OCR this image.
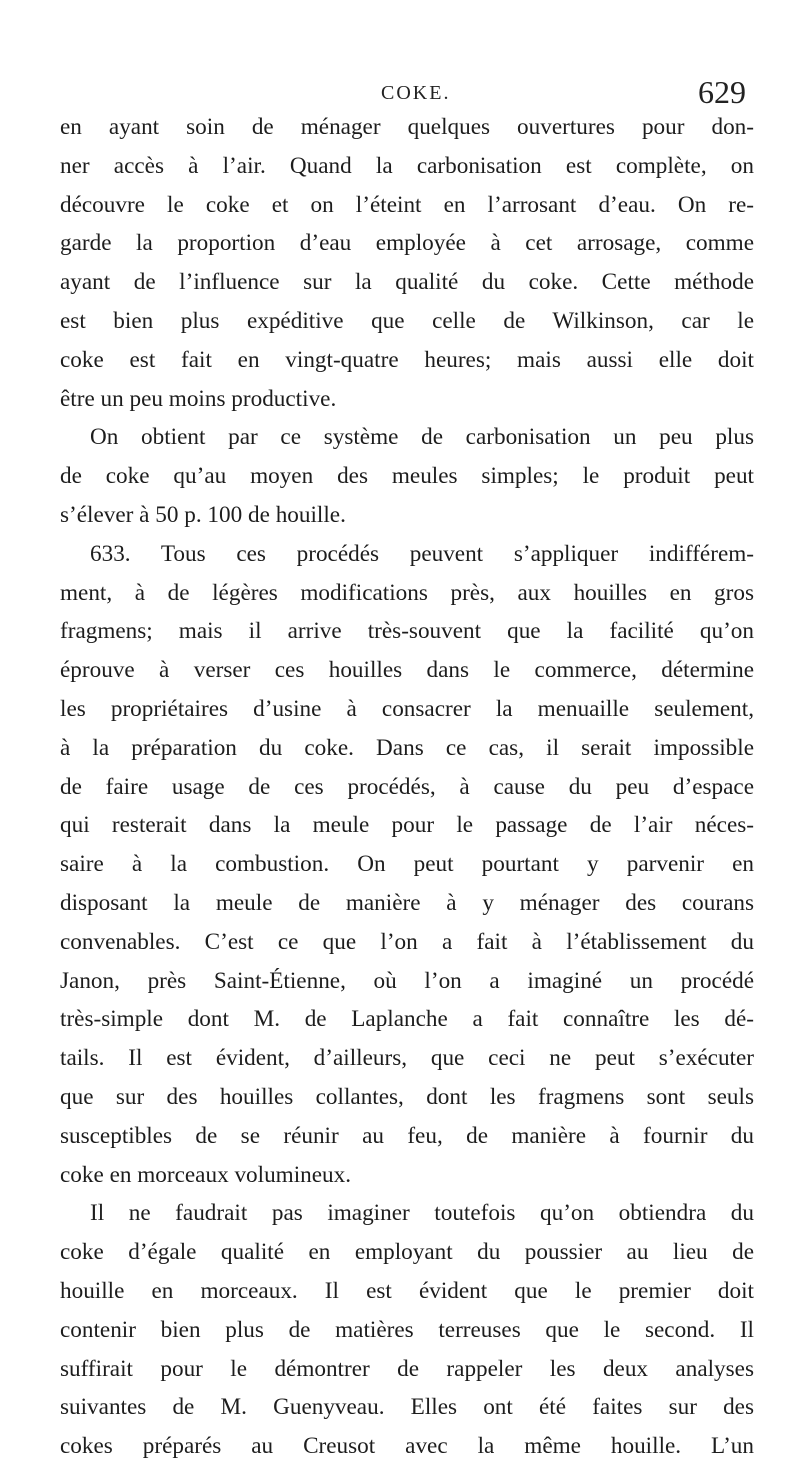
COKE.	629
en ayant soin de ménager quelques ouvertures pour don-
ner accès à l’air. Quand la carbonisation est complète, on
découvre le coke et on l’éteint en l’arrosant d’eau. On re-
garde la proportion d’eau employée à cet arrosage, comme
ayant de l’influence sur la qualité du coke. Cette méthode
est bien plus expéditive que celle de Wilkinson, car le
coke est fait en vingt-quatre heures; mais aussi elle doit
être un peu moins productive.
On obtient par ce système de carbonisation un peu plus
de coke qu’au moyen des meules simples; le produit peut
s’élever à 50 p. 100 de houille.
633. Tous ces procédés peuvent s’appliquer indifférem-
ment, à de légères modifications près, aux houilles en gros
fragmens; mais il arrive très-souvent que la facilité qu’on
éprouve à verser ces houilles dans le commerce, détermine
les propriétaires d’usine à consacrer la menuaille seulement,
à la préparation du coke. Dans ce cas, il serait impossible
de faire usage de ces procédés, à cause du peu d’espace
qui resterait dans la meule pour le passage de l’air néces-
saire à la combustion. On peut pourtant y parvenir en
disposant la meule de manière à y ménager des courans
convenables. C’est ce que l’on a fait à l’établissement du
Janon, près Saint-Étienne, où l’on a imaginé un procédé
très-simple dont M. de Laplanche a fait connaître les dé-
tails. Il est évident, d’ailleurs, que ceci ne peut s’exécuter
que sur des houilles collantes, dont les fragmens sont seuls
susceptibles de se réunir au feu, de manière à fournir du
coke en morceaux volumineux.
Il ne faudrait pas imaginer toutefois qu’on obtiendra du
coke d’égale qualité en employant du poussier au lieu de
houille en morceaux. Il est évident que le premier doit
contenir bien plus de matières terreuses que le second. Il
suffirait pour le démontrer de rappeler les deux analyses
suivantes de M. Guenyveau. Elles ont été faites sur des
cokes préparés au Creusot avec la même houille. L’un
